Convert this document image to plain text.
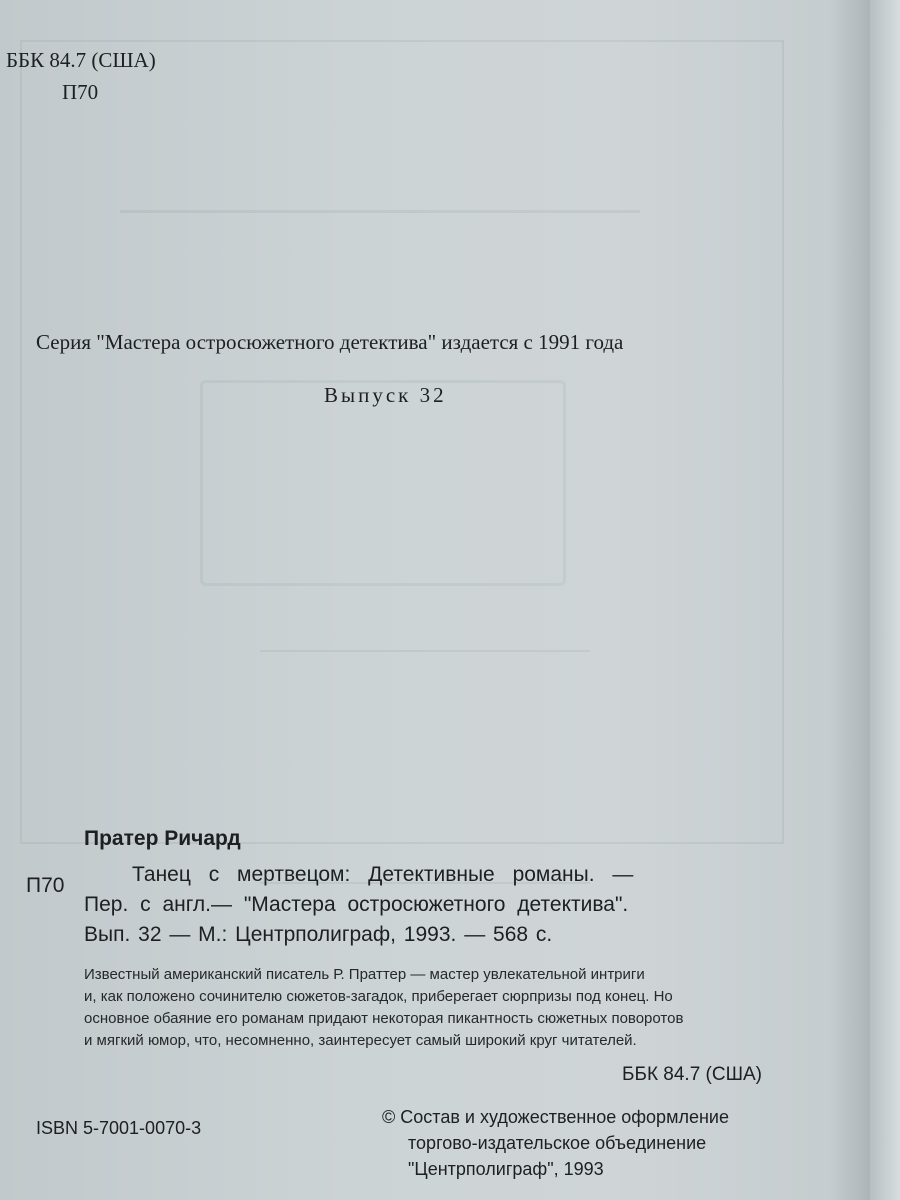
ББК 84.7 (США)
П70
Серия "Мастера остросюжетного детектива" издается с 1991 года
Выпуск 32
Пратер Ричард
П70	Танец с мертвецом: Детективные романы. —
Пер. с англ.— "Мастера остросюжетного детектива".
Вып. 32 — М.: Центрполиграф, 1993. — 568 с.
Известный американский писатель Р. Праттер — мастер увлекательной интриги
и, как положено сочинителю сюжетов-загадок, приберегает сюрпризы под конец. Но
основное обаяние его романам придают некоторая пикантность сюжетных поворотов
и мягкий юмор, что, несомненно, заинтересует самый широкий круг читателей.
ББК 84.7 (США)
ISBN 5-7001-0070-3
© Состав и художественное оформление
торгово-издательское объединение
"Центрполиграф", 1993
